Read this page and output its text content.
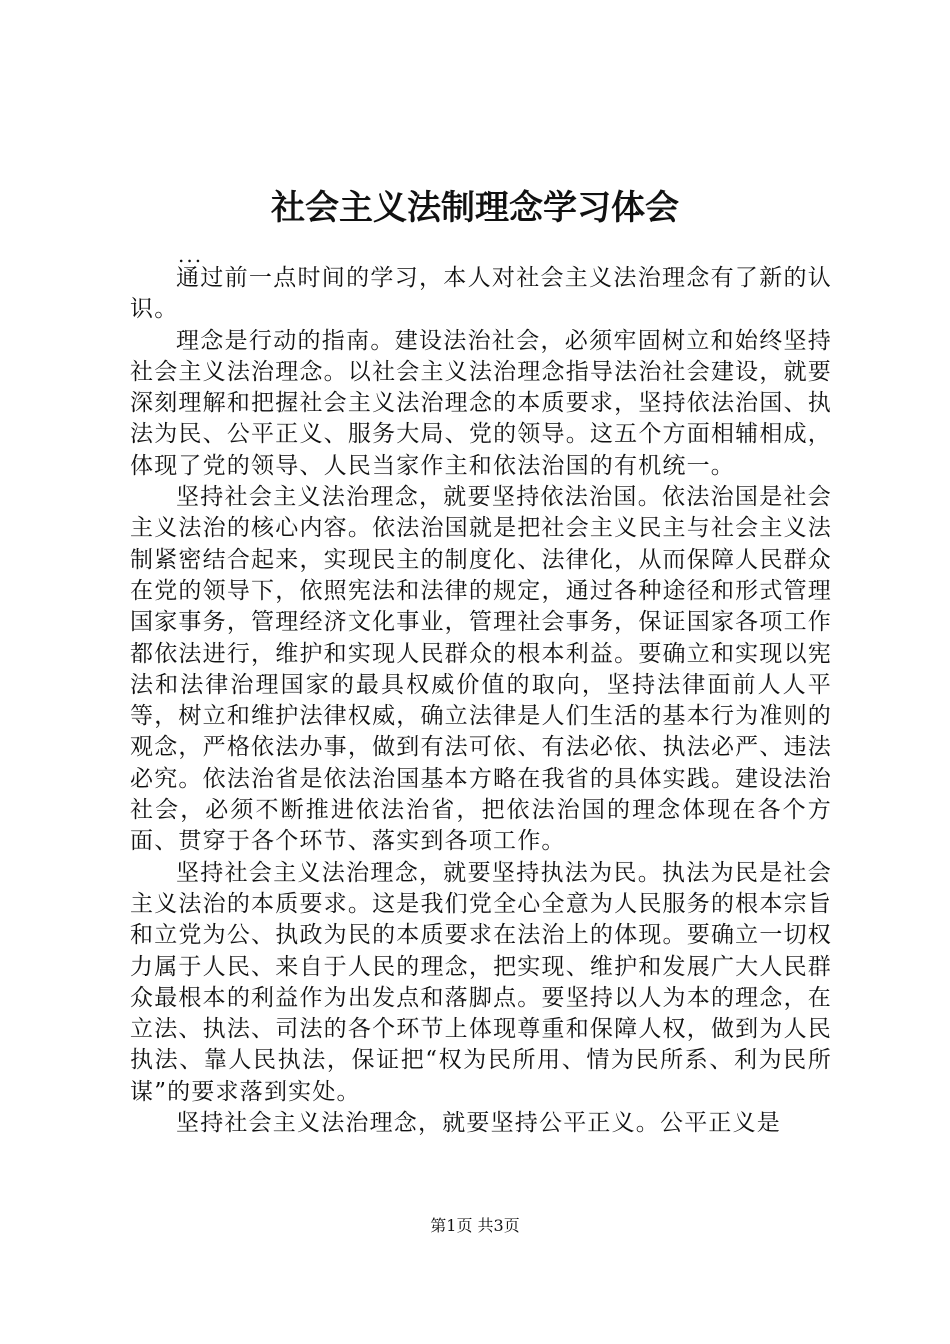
社会主义法制理念学习体会

...

通过前一点时间的学习，本人对社会主义法治理念有了新的认识。

理念是行动的指南。建设法治社会，必须牢固树立和始终坚持社会主义法治理念。以社会主义法治理念指导法治社会建设，就要深刻理解和把握社会主义法治理念的本质要求，坚持依法治国、执法为民、公平正义、服务大局、党的领导。这五个方面相辅相成，体现了党的领导、人民当家作主和依法治国的有机统一。

坚持社会主义法治理念，就要坚持依法治国。依法治国是社会主义法治的核心内容。依法治国就是把社会主义民主与社会主义法制紧密结合起来，实现民主的制度化、法律化，从而保障人民群众在党的领导下，依照宪法和法律的规定，通过各种途径和形式管理国家事务，管理经济文化事业，管理社会事务，保证国家各项工作都依法进行，维护和实现人民群众的根本利益。要确立和实现以宪法和法律治理国家的最具权威价值的取向，坚持法律面前人人平等，树立和维护法律权威，确立法律是人们生活的基本行为准则的观念，严格依法办事，做到有法可依、有法必依、执法必严、违法必究。依法治省是依法治国基本方略在我省的具体实践。建设法治社会，必须不断推进依法治省，把依法治国的理念体现在各个方面、贯穿于各个环节、落实到各项工作。

坚持社会主义法治理念，就要坚持执法为民。执法为民是社会主义法治的本质要求。这是我们党全心全意为人民服务的根本宗旨和立党为公、执政为民的本质要求在法治上的体现。要确立一切权力属于人民、来自于人民的理念，把实现、维护和发展广大人民群众最根本的利益作为出发点和落脚点。要坚持以人为本的理念，在立法、执法、司法的各个环节上体现尊重和保障人权，做到为人民执法、靠人民执法，保证把“权为民所用、情为民所系、利为民所谋”的要求落到实处。

坚持社会主义法治理念，就要坚持公平正义。公平正义是

第1页 共3页
